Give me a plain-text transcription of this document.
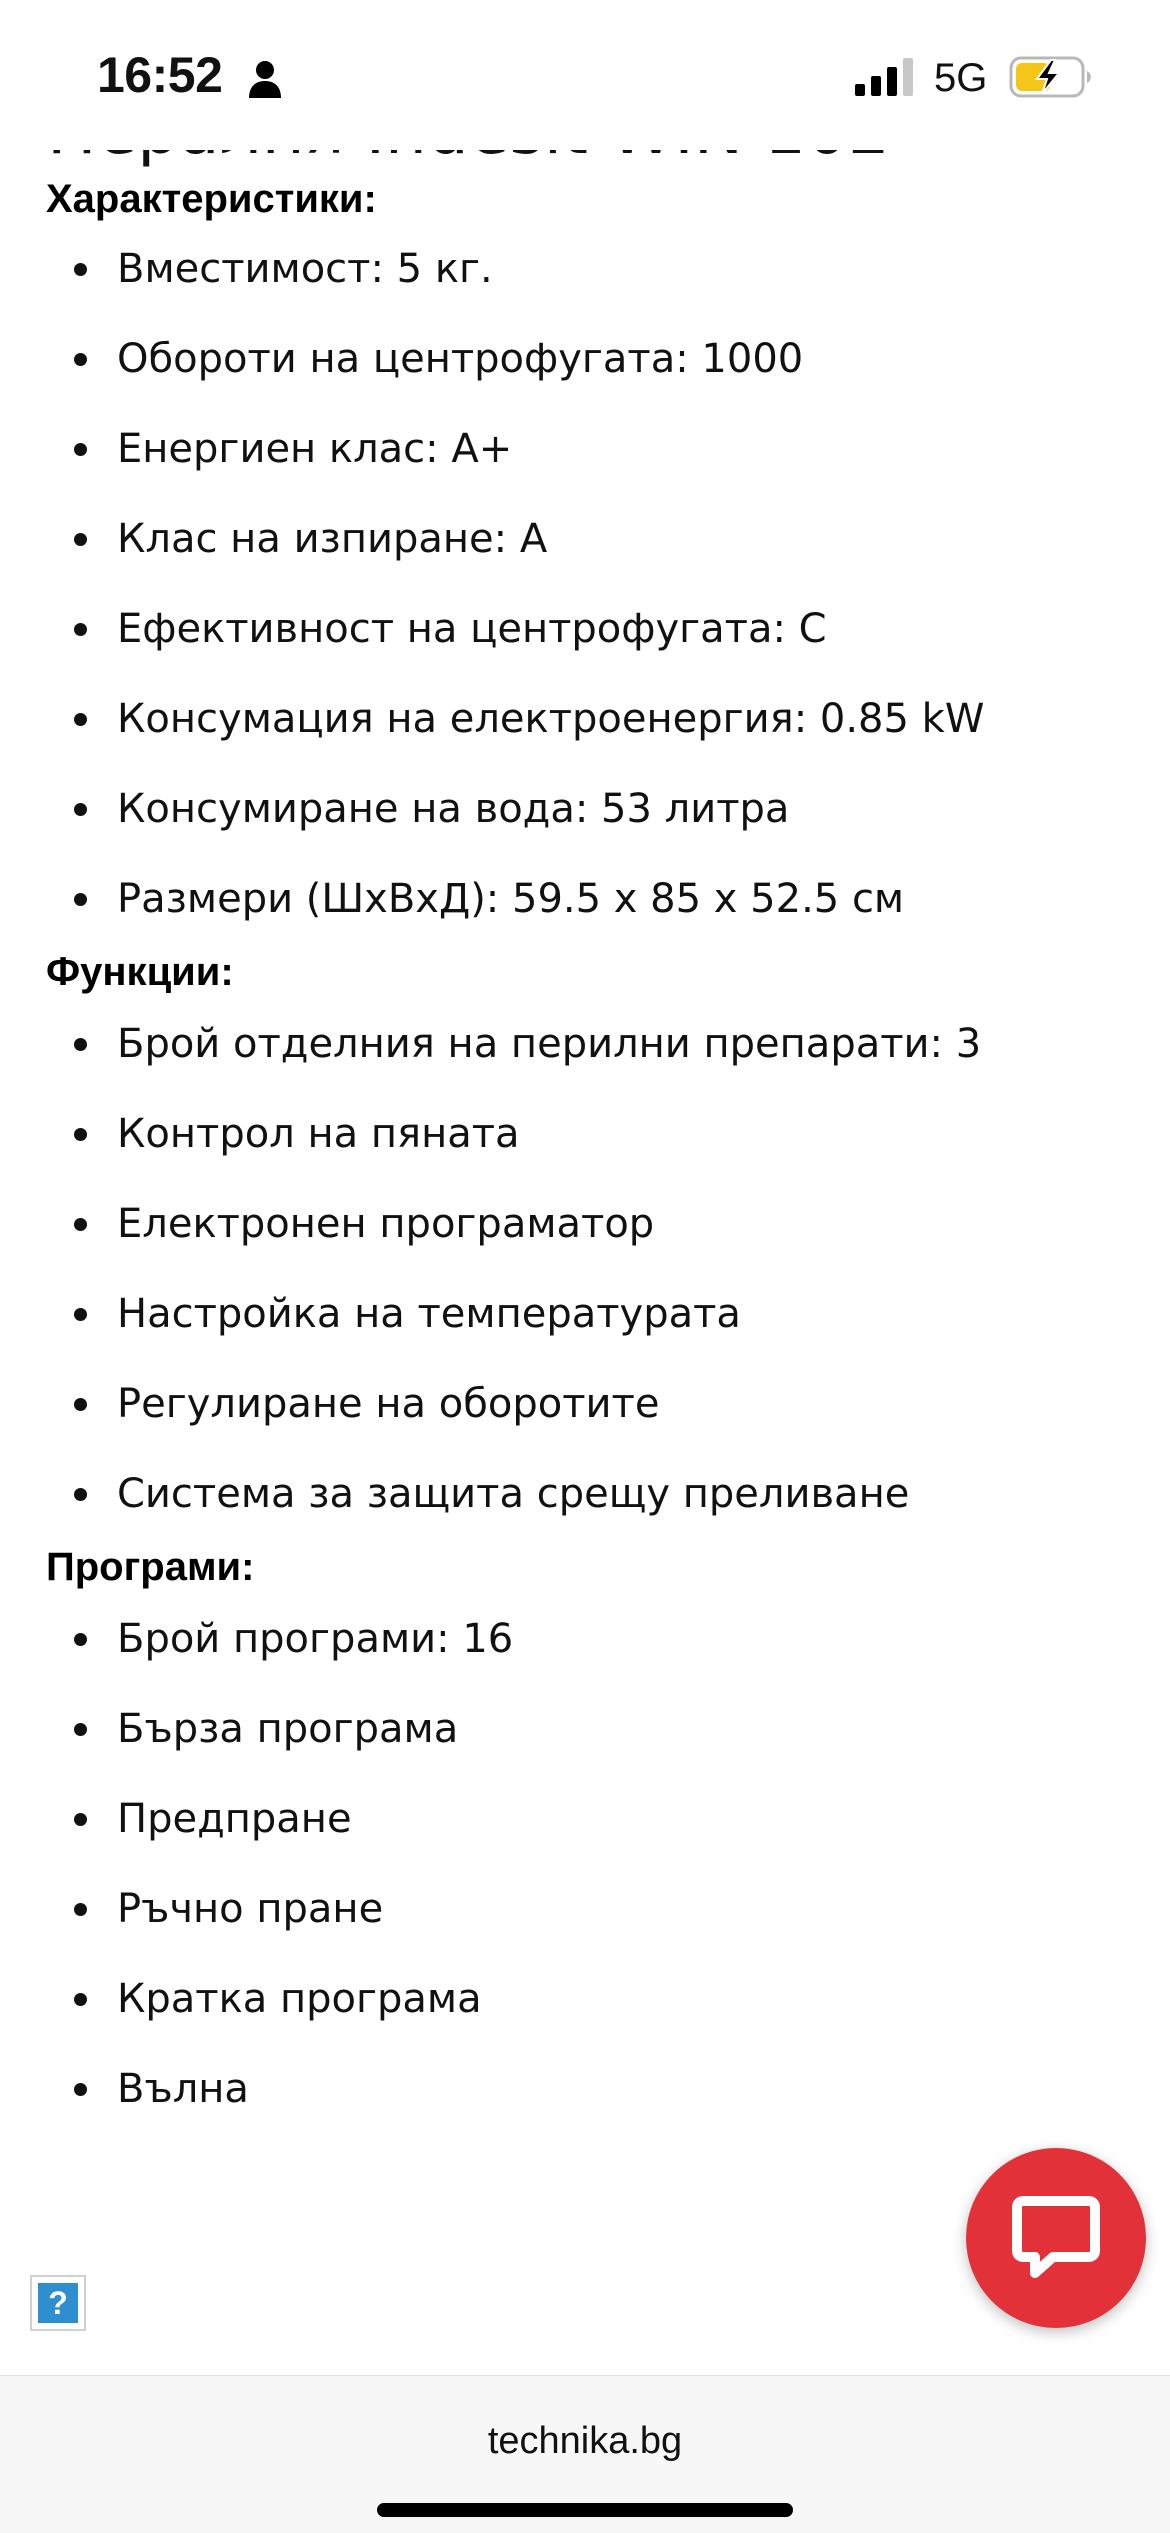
Характеристики:
Вместимост: 5 кг.
Обороти на центрофугата: 1000
Енергиен клас: A+
Клас на изпиране: A
Ефективност на центрофугата: C
Консумация на електроенергия: 0.85 kW
Консумиране на вода: 53 литра
Размери (ШхВхД): 59.5 x 85 x 52.5 см
Функции:
Брой отделния на перилни препарати: 3
Контрол на пяната
Електронен програматор
Настройка на температурата
Регулиране на оборотите
Система за защита срещу преливане
Програми:
Брой програми: 16
Бърза програма
Предпране
Ръчно пране
Кратка програма
Вълна
16:52	5G
?
technika.bg
